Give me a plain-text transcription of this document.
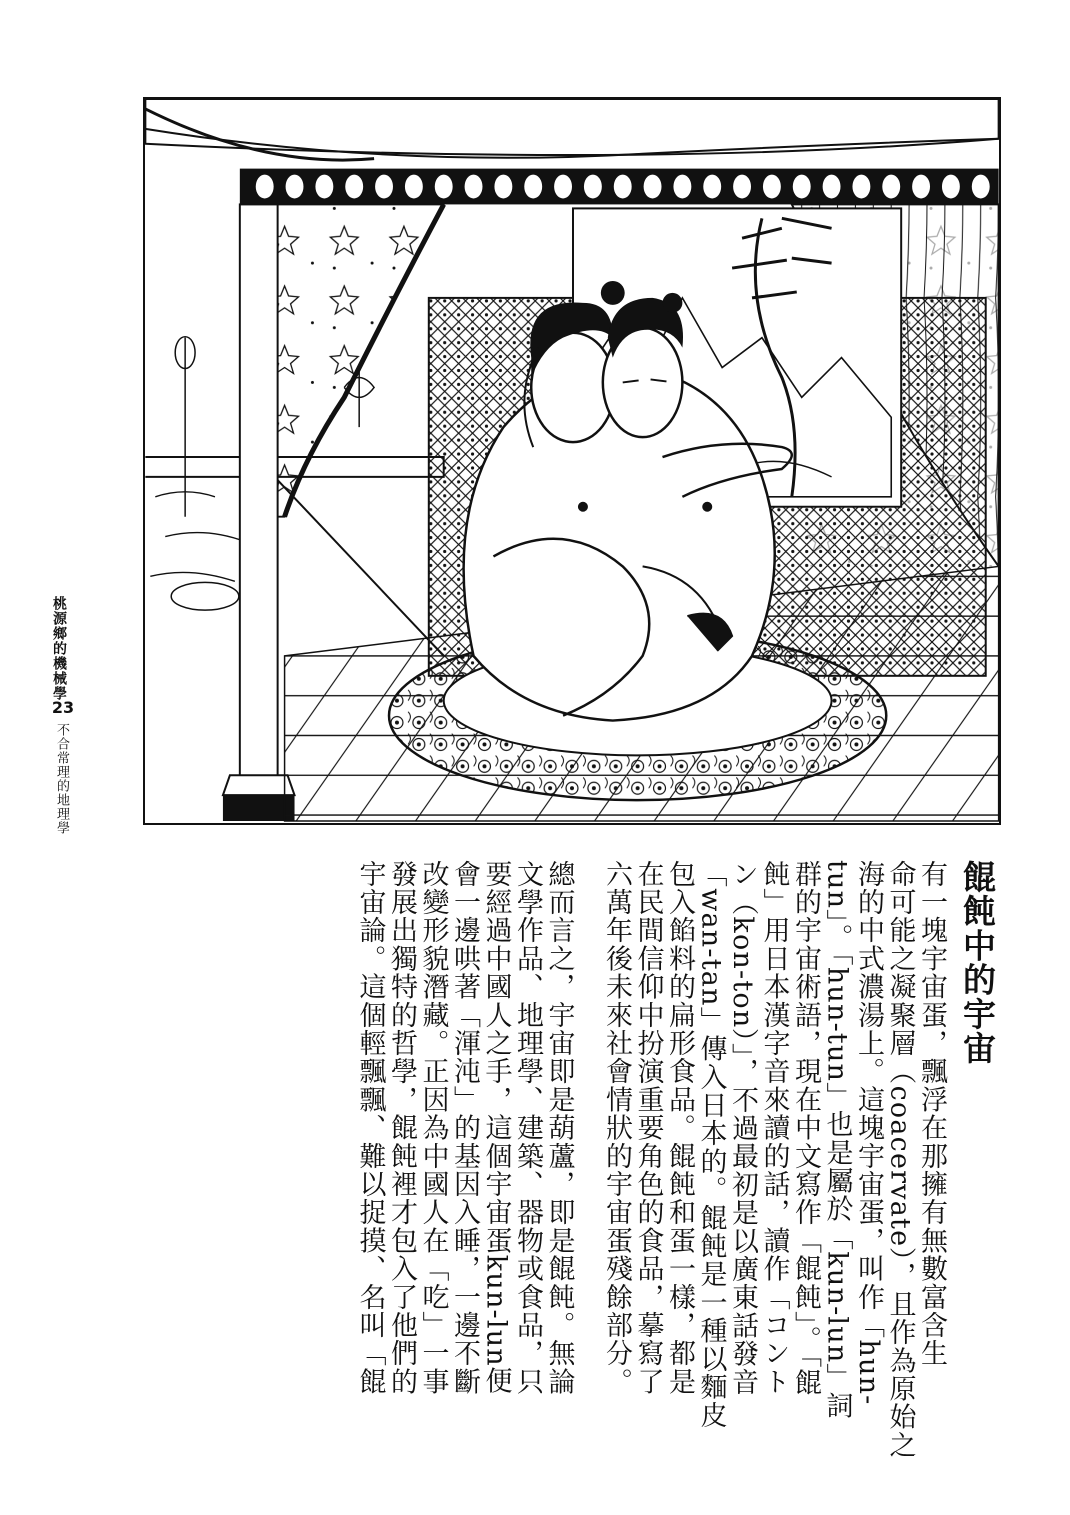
桃源鄉的機械學
23
不合常理的地理學
餛飩中的宇宙

有一塊宇宙蛋，飄浮在那擁有無數富含生
命可能之凝聚層（coacervate），且作為原始之
海的中式濃湯上。這塊宇宙蛋，叫作「hun-
tun」。「hun-tun」也是屬於「kun-lun」詞
群的宇宙術語，現在中文寫作「餛飩」。「餛
飩」用日本漢字音來讀的話，讀作「コント
ン（kon-ton）」，不過最初是以廣東話發音
「wan-tan」傳入日本的。餛飩是一種以麵皮
包入餡料的扁形食品。餛飩和蛋一樣，都是
在民間信仰中扮演重要角色的食品，摹寫了
六萬年後未來社會情狀的宇宙蛋殘餘部分。

總而言之，宇宙即是葫蘆，即是餛飩。無論
文學作品、地理學、建築、器物或食品，只
要經過中國人之手，這個宇宙蛋kun-lun便
會一邊哄著「渾沌」的基因入睡，一邊不斷
改變形貌潛藏。正因為中國人在「吃」一事
發展出獨特的哲學，餛飩裡才包入了他們的
宇宙論。這個輕飄飄、難以捉摸、名叫「餛
